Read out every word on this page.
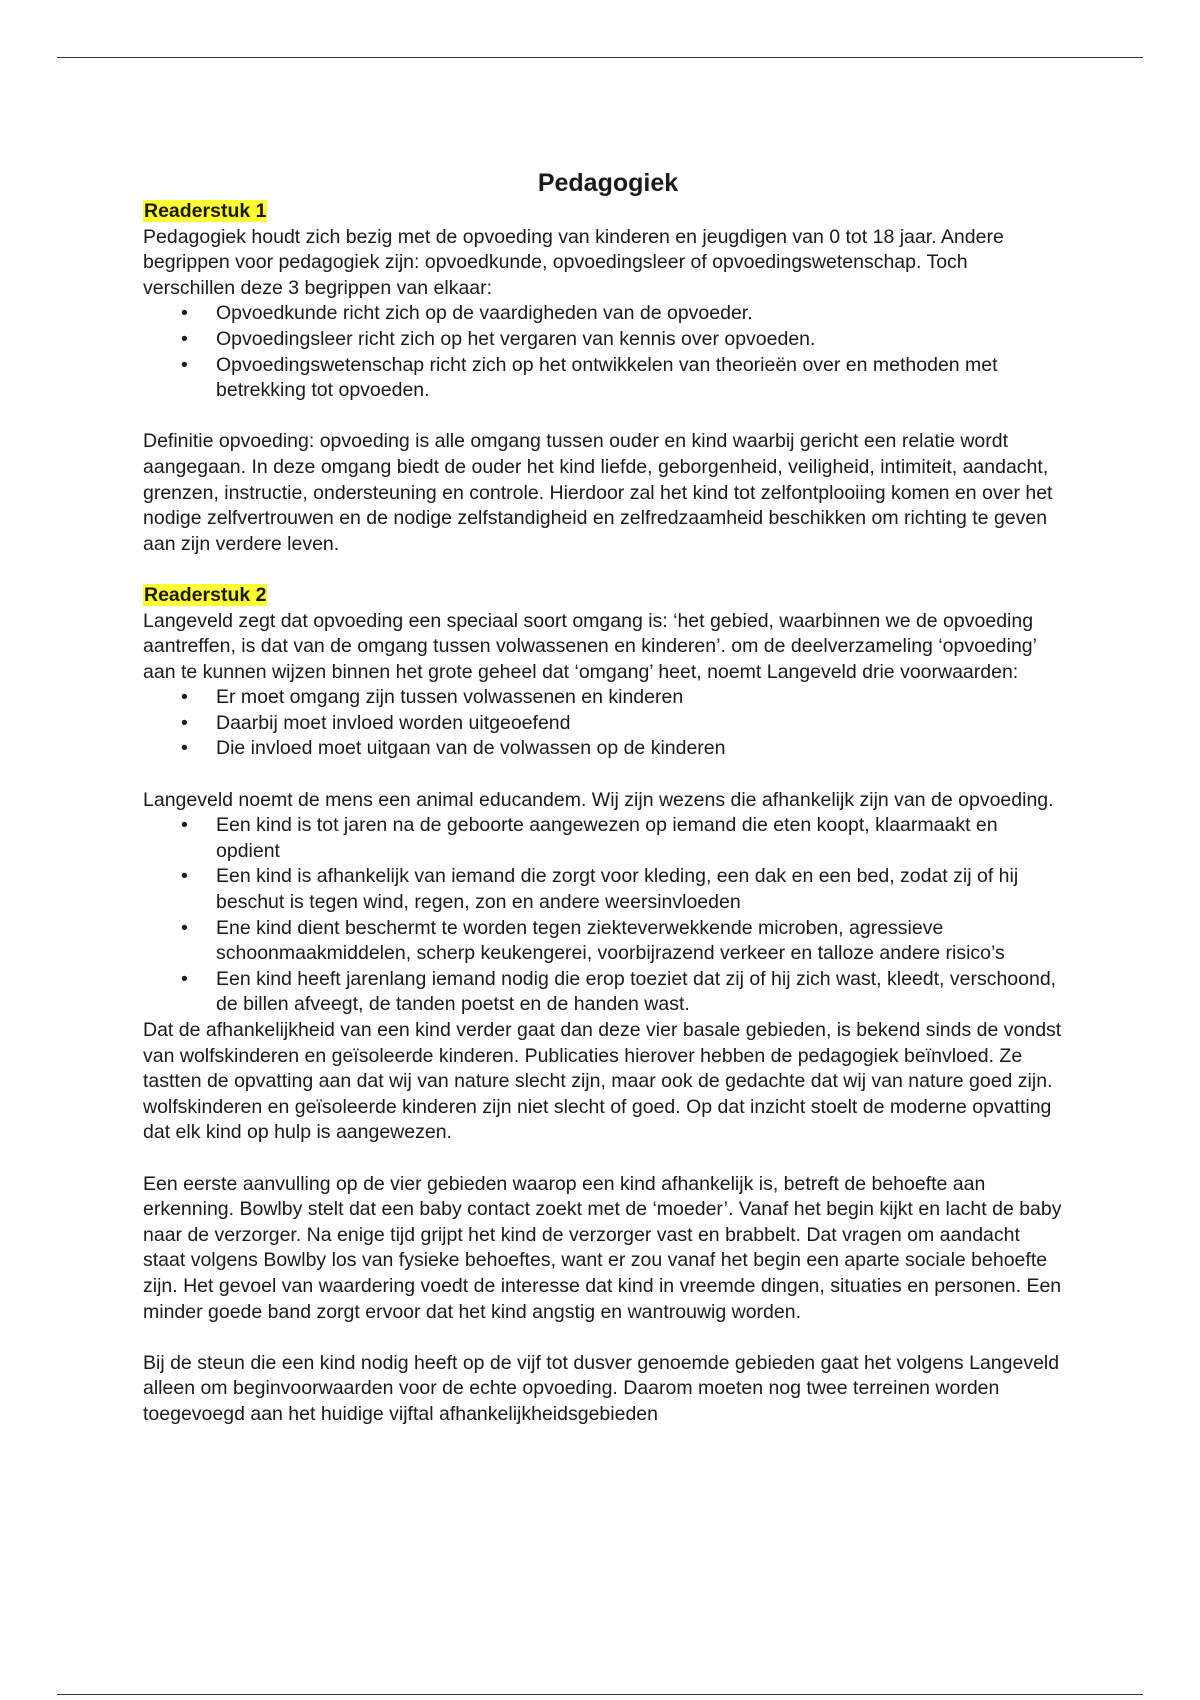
Pedagogiek
Readerstuk 1

Pedagogiek houdt zich bezig met de opvoeding van kinderen en jeugdigen van 0 tot 18 jaar. Andere begrippen voor pedagogiek zijn: opvoedkunde, opvoedingsleer of opvoedingswetenschap. Toch verschillen deze 3 begrippen van elkaar:

• Opvoedkunde richt zich op de vaardigheden van de opvoeder.
• Opvoedingsleer richt zich op het vergaren van kennis over opvoeden.
• Opvoedingswetenschap richt zich op het ontwikkelen van theorieën over en methoden met betrekking tot opvoeden.

Definitie opvoeding: opvoeding is alle omgang tussen ouder en kind waarbij gericht een relatie wordt aangegaan. In deze omgang biedt de ouder het kind liefde, geborgenheid, veiligheid, intimiteit, aandacht, grenzen, instructie, ondersteuning en controle. Hierdoor zal het kind tot zelfontplooiing komen en over het nodige zelfvertrouwen en de nodige zelfstandigheid en zelfredzaamheid beschikken om richting te geven aan zijn verdere leven.

Readerstuk 2

Langeveld zegt dat opvoeding een speciaal soort omgang is: ‘het gebied, waarbinnen we de opvoeding aantreffen, is dat van de omgang tussen volwassenen en kinderen’. om de deelverzameling ‘opvoeding’ aan te kunnen wijzen binnen het grote geheel dat ‘omgang’ heet, noemt Langeveld drie voorwaarden:

• Er moet omgang zijn tussen volwassenen en kinderen
• Daarbij moet invloed worden uitgeoefend
• Die invloed moet uitgaan van de volwassen op de kinderen

Langeveld noemt de mens een animal educandem. Wij zijn wezens die afhankelijk zijn van de opvoeding.

• Een kind is tot jaren na de geboorte aangewezen op iemand die eten koopt, klaarmaakt en opdient
• Een kind is afhankelijk van iemand die zorgt voor kleding, een dak en een bed, zodat zij of hij beschut is tegen wind, regen, zon en andere weersinvloeden
• Ene kind dient beschermt te worden tegen ziekteverwekkende microben, agressieve schoonmaakmiddelen, scherp keukengerei, voorbijrazend verkeer en talloze andere risico’s
• Een kind heeft jarenlang iemand nodig die erop toeziet dat zij of hij zich wast, kleedt, verschoond, de billen afveegt, de tanden poetst en de handen wast.

Dat de afhankelijkheid van een kind verder gaat dan deze vier basale gebieden, is bekend sinds de vondst van wolfskinderen en geïsoleerde kinderen. Publicaties hierover hebben de pedagogiek beïnvloed. Ze tastten de opvatting aan dat wij van nature slecht zijn, maar ook de gedachte dat wij van nature goed zijn. wolfskinderen en geïsoleerde kinderen zijn niet slecht of goed. Op dat inzicht stoelt de moderne opvatting dat elk kind op hulp is aangewezen.

Een eerste aanvulling op de vier gebieden waarop een kind afhankelijk is, betreft de behoefte aan erkenning. Bowlby stelt dat een baby contact zoekt met de ‘moeder’. Vanaf het begin kijkt en lacht de baby naar de verzorger. Na enige tijd grijpt het kind de verzorger vast en brabbelt. Dat vragen om aandacht staat volgens Bowlby los van fysieke behoeftes, want er zou vanaf het begin een aparte sociale behoefte zijn. Het gevoel van waardering voedt de interesse dat kind in vreemde dingen, situaties en personen. Een minder goede band zorgt ervoor dat het kind angstig en wantrouwig worden.

Bij de steun die een kind nodig heeft op de vijf tot dusver genoemde gebieden gaat het volgens Langeveld alleen om beginvoorwaarden voor de echte opvoeding. Daarom moeten nog twee terreinen worden toegevoegd aan het huidige vijftal afhankelijkheidsgebieden
